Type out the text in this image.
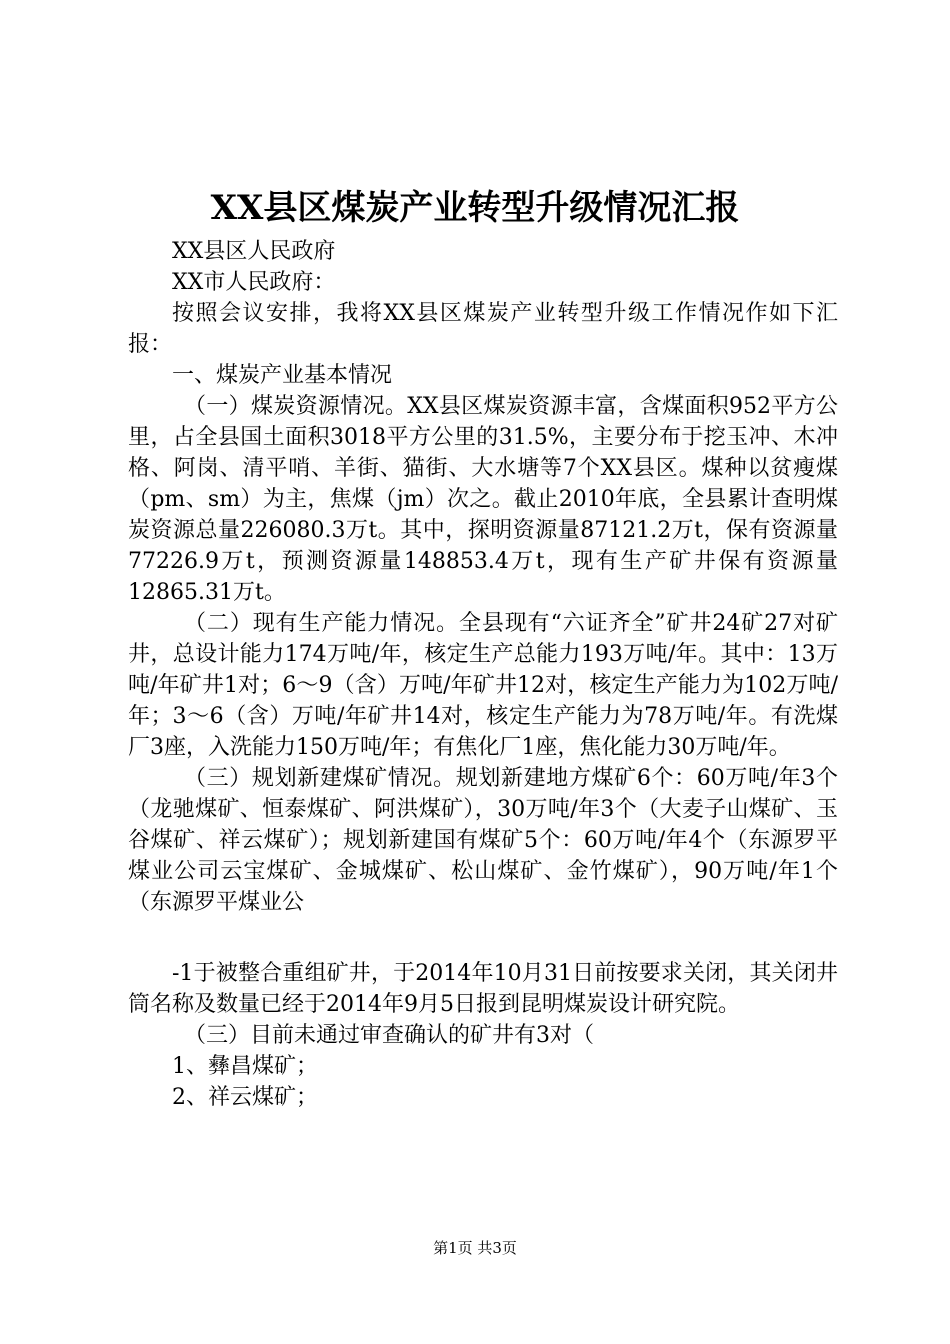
XX县区煤炭产业转型升级情况汇报

XX县区人民政府

XX市人民政府：

按照会议安排，我将XX县区煤炭产业转型升级工作情况作如下汇报：

一、煤炭产业基本情况

（一）煤炭资源情况。XX县区煤炭资源丰富，含煤面积952平方公里，占全县国土面积3018平方公里的31.5%，主要分布于挖玉冲、木冲格、阿岗、清平哨、羊街、猫街、大水塘等7个XX县区。煤种以贫瘦煤（pm、sm）为主，焦煤（jm）次之。截止2010年底，全县累计查明煤炭资源总量226080.3万t。其中，探明资源量87121.2万t，保有资源量77226.9万t，预测资源量148853.4万t，现有生产矿井保有资源量12865.31万t。

（二）现有生产能力情况。全县现有“六证齐全”矿井24矿27对矿井，总设计能力174万吨/年，核定生产总能力193万吨/年。其中：13万吨/年矿井1对；6～9（含）万吨/年矿井12对，核定生产能力为102万吨/年；3～6（含）万吨/年矿井14对，核定生产能力为78万吨/年。有洗煤厂3座，入洗能力150万吨/年；有焦化厂1座，焦化能力30万吨/年。

（三）规划新建煤矿情况。规划新建地方煤矿6个：60万吨/年3个（龙驰煤矿、恒泰煤矿、阿洪煤矿），30万吨/年3个（大麦子山煤矿、玉谷煤矿、祥云煤矿）；规划新建国有煤矿5个：60万吨/年4个（东源罗平煤业公司云宝煤矿、金城煤矿、松山煤矿、金竹煤矿），90万吨/年1个（东源罗平煤业公

-1于被整合重组矿井，于2014年10月31日前按要求关闭，其关闭井筒名称及数量已经于2014年9月5日报到昆明煤炭设计研究院。

（三）目前未通过审查确认的矿井有3对（

1、彝昌煤矿；

2、祥云煤矿；

第1页 共3页
